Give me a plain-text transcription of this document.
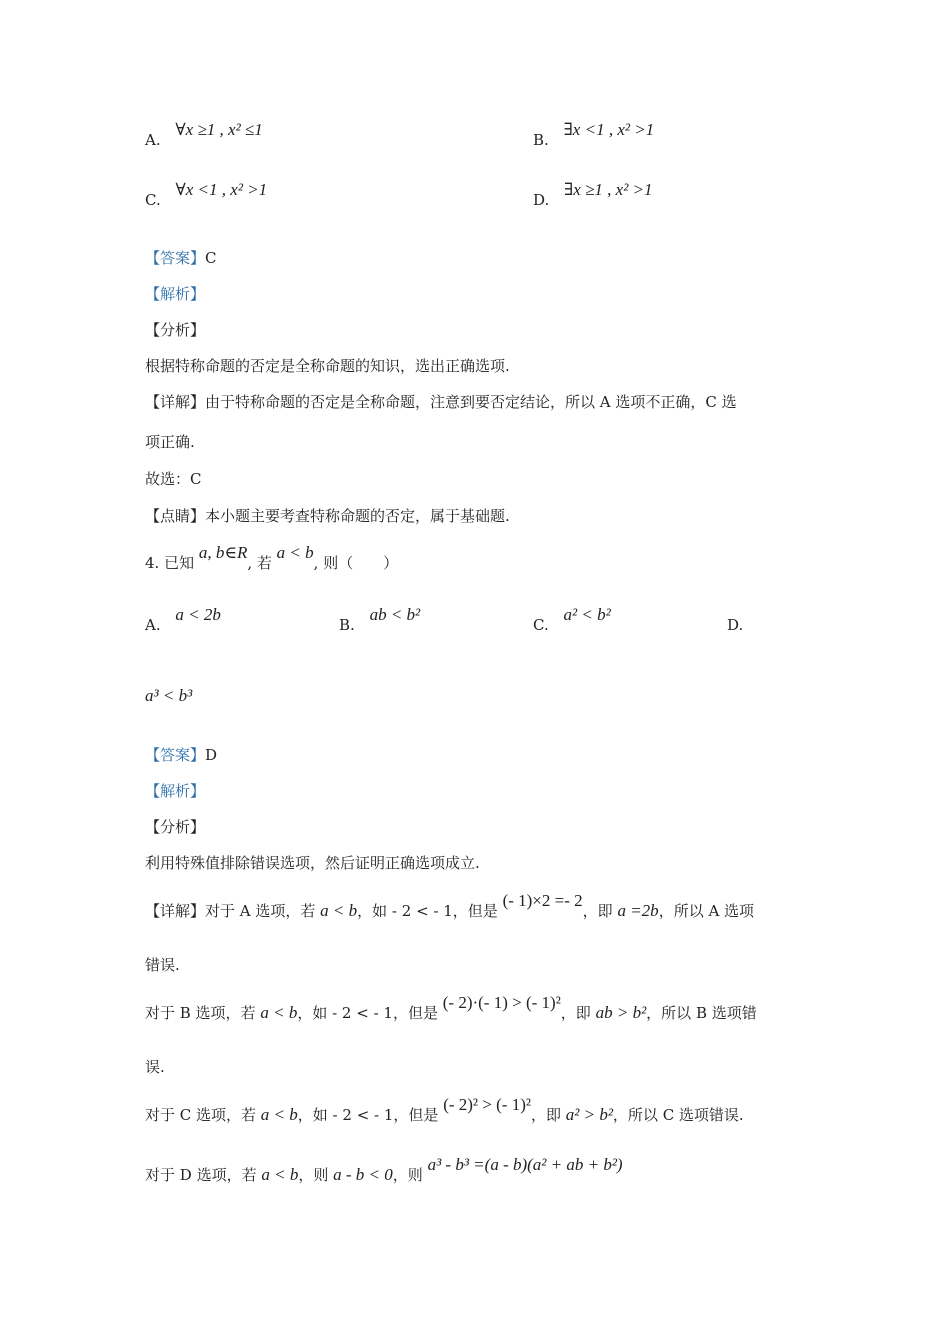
A. ∀x ≥1 , x² ≤1
B. ∃x <1 , x² >1
C. ∀x <1 , x² >1
D. ∃x ≥1 , x² >1
【答案】C
【解析】
【分析】
根据特称命题的否定是全称命题的知识，选出正确选项.
【详解】由于特称命题的否定是全称命题，注意到要否定结论，所以 A 选项不正确，C 选
项正确.
故选：C
【点睛】本小题主要考查特称命题的否定，属于基础题.
4. 已知 a, b∈R, 若 a < b, 则（　　）
A. a < 2b
B. ab < b²
C. a² < b²
D.
a³ < b³
【答案】D
【解析】
【分析】
利用特殊值排除错误选项，然后证明正确选项成立.
【详解】对于 A 选项，若 a < b，如 - 2 < - 1，但是 (- 1)×2 =- 2，即 a =2b，所以 A 选项
错误.
对于 B 选项，若 a < b，如 - 2 < - 1，但是 (- 2)·(- 1) > (- 1)²，即 ab > b²，所以 B 选项错
误.
对于 C 选项，若 a < b，如 - 2 < - 1，但是 (- 2)² > (- 1)²，即 a² > b²，所以 C 选项错误.
对于 D 选项，若 a < b，则 a - b < 0，则 a³ - b³ =(a - b)(a² + ab + b²)
